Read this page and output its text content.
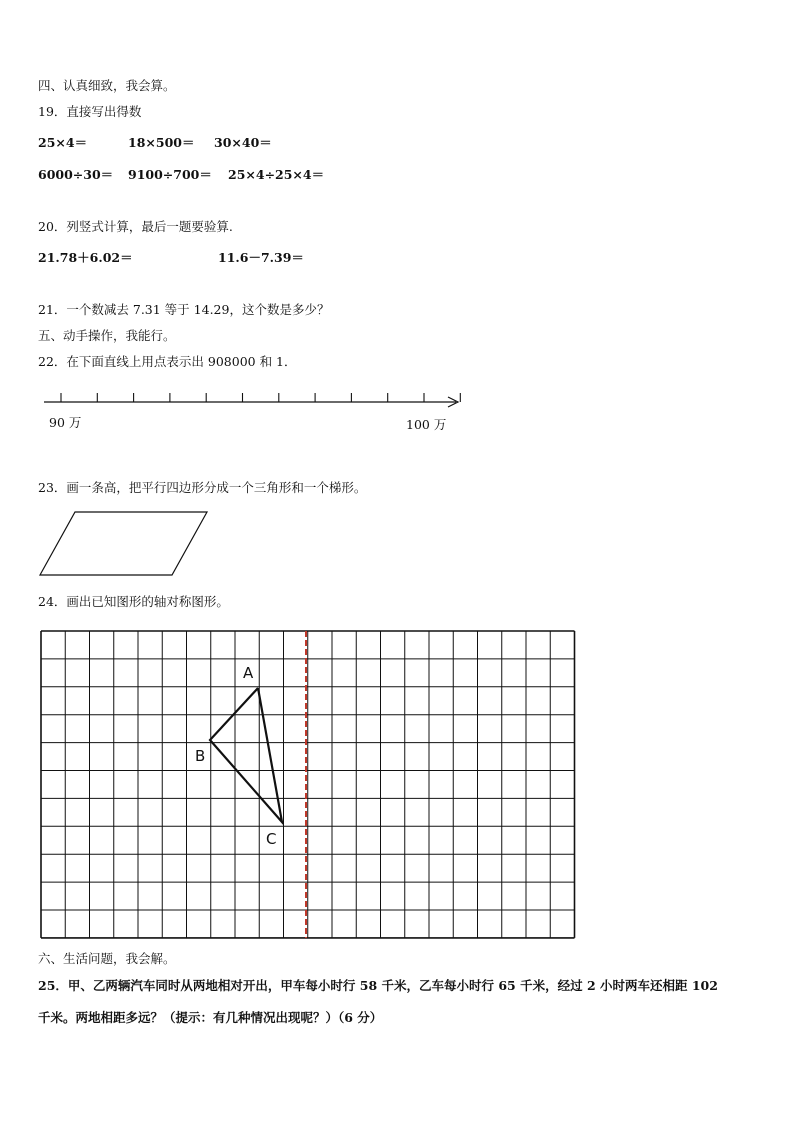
四、认真细致，我会算。
19．直接写出得数
25×4＝	18×500＝ 30×40＝
6000÷30＝ 9100÷700＝ 25×4÷25×4＝
20．列竖式计算，最后一题要验算.
21.78＋6.02＝	11.6－7.39＝
21．一个数减去 7.31 等于 14.29，这个数是多少？
五、动手操作，我能行。
22．在下面直线上用点表示出 908000 和 1．
90 万	100 万
A
B
C
23．画一条高，把平行四边形分成一个三角形和一个梯形。
24．画出已知图形的轴对称图形。
六、生活问题，我会解。
25．甲、乙两辆汽车同时从两地相对开出，甲车每小时行 58 千米，乙车每小时行 65 千米，经过 2 小时两车还相距 102
千米。两地相距多远？（提示：有几种情况出现呢？）（6 分）
